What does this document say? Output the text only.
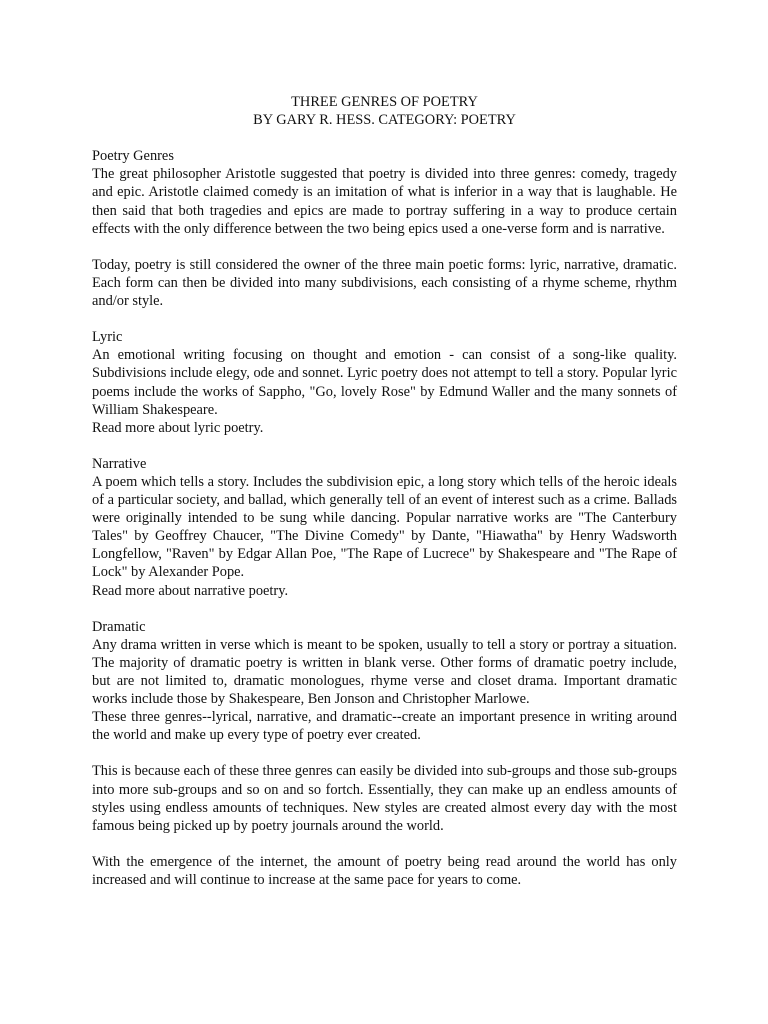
THREE GENRES OF POETRY
BY GARY R. HESS. CATEGORY: POETRY
Poetry Genres
The great philosopher Aristotle suggested that poetry is divided into three genres: comedy, tragedy and epic. Aristotle claimed comedy is an imitation of what is inferior in a way that is laughable. He then said that both tragedies and epics are made to portray suffering in a way to produce certain effects with the only difference between the two being epics used a one-verse form and is narrative.
Today, poetry is still considered the owner of the three main poetic forms: lyric, narrative, dramatic. Each form can then be divided into many subdivisions, each consisting of a rhyme scheme, rhythm and/or style.
Lyric
An emotional writing focusing on thought and emotion - can consist of a song-like quality. Subdivisions include elegy, ode and sonnet. Lyric poetry does not attempt to tell a story. Popular lyric poems include the works of Sappho, "Go, lovely Rose" by Edmund Waller and the many sonnets of William Shakespeare.
Read more about lyric poetry.
Narrative
A poem which tells a story. Includes the subdivision epic, a long story which tells of the heroic ideals of a particular society, and ballad, which generally tell of an event of interest such as a crime. Ballads were originally intended to be sung while dancing. Popular narrative works are "The Canterbury Tales" by Geoffrey Chaucer, "The Divine Comedy" by Dante, "Hiawatha" by Henry Wadsworth Longfellow, "Raven" by Edgar Allan Poe, "The Rape of Lucrece" by Shakespeare and "The Rape of Lock" by Alexander Pope.
Read more about narrative poetry.
Dramatic
Any drama written in verse which is meant to be spoken, usually to tell a story or portray a situation. The majority of dramatic poetry is written in blank verse. Other forms of dramatic poetry include, but are not limited to, dramatic monologues, rhyme verse and closet drama. Important dramatic works include those by Shakespeare, Ben Jonson and Christopher Marlowe.
These three genres--lyrical, narrative, and dramatic--create an important presence in writing around the world and make up every type of poetry ever created.
This is because each of these three genres can easily be divided into sub-groups and those sub-groups into more sub-groups and so on and so fortch. Essentially, they can make up an endless amounts of styles using endless amounts of techniques. New styles are created almost every day with the most famous being picked up by poetry journals around the world.
With the emergence of the internet, the amount of poetry being read around the world has only increased and will continue to increase at the same pace for years to come.
